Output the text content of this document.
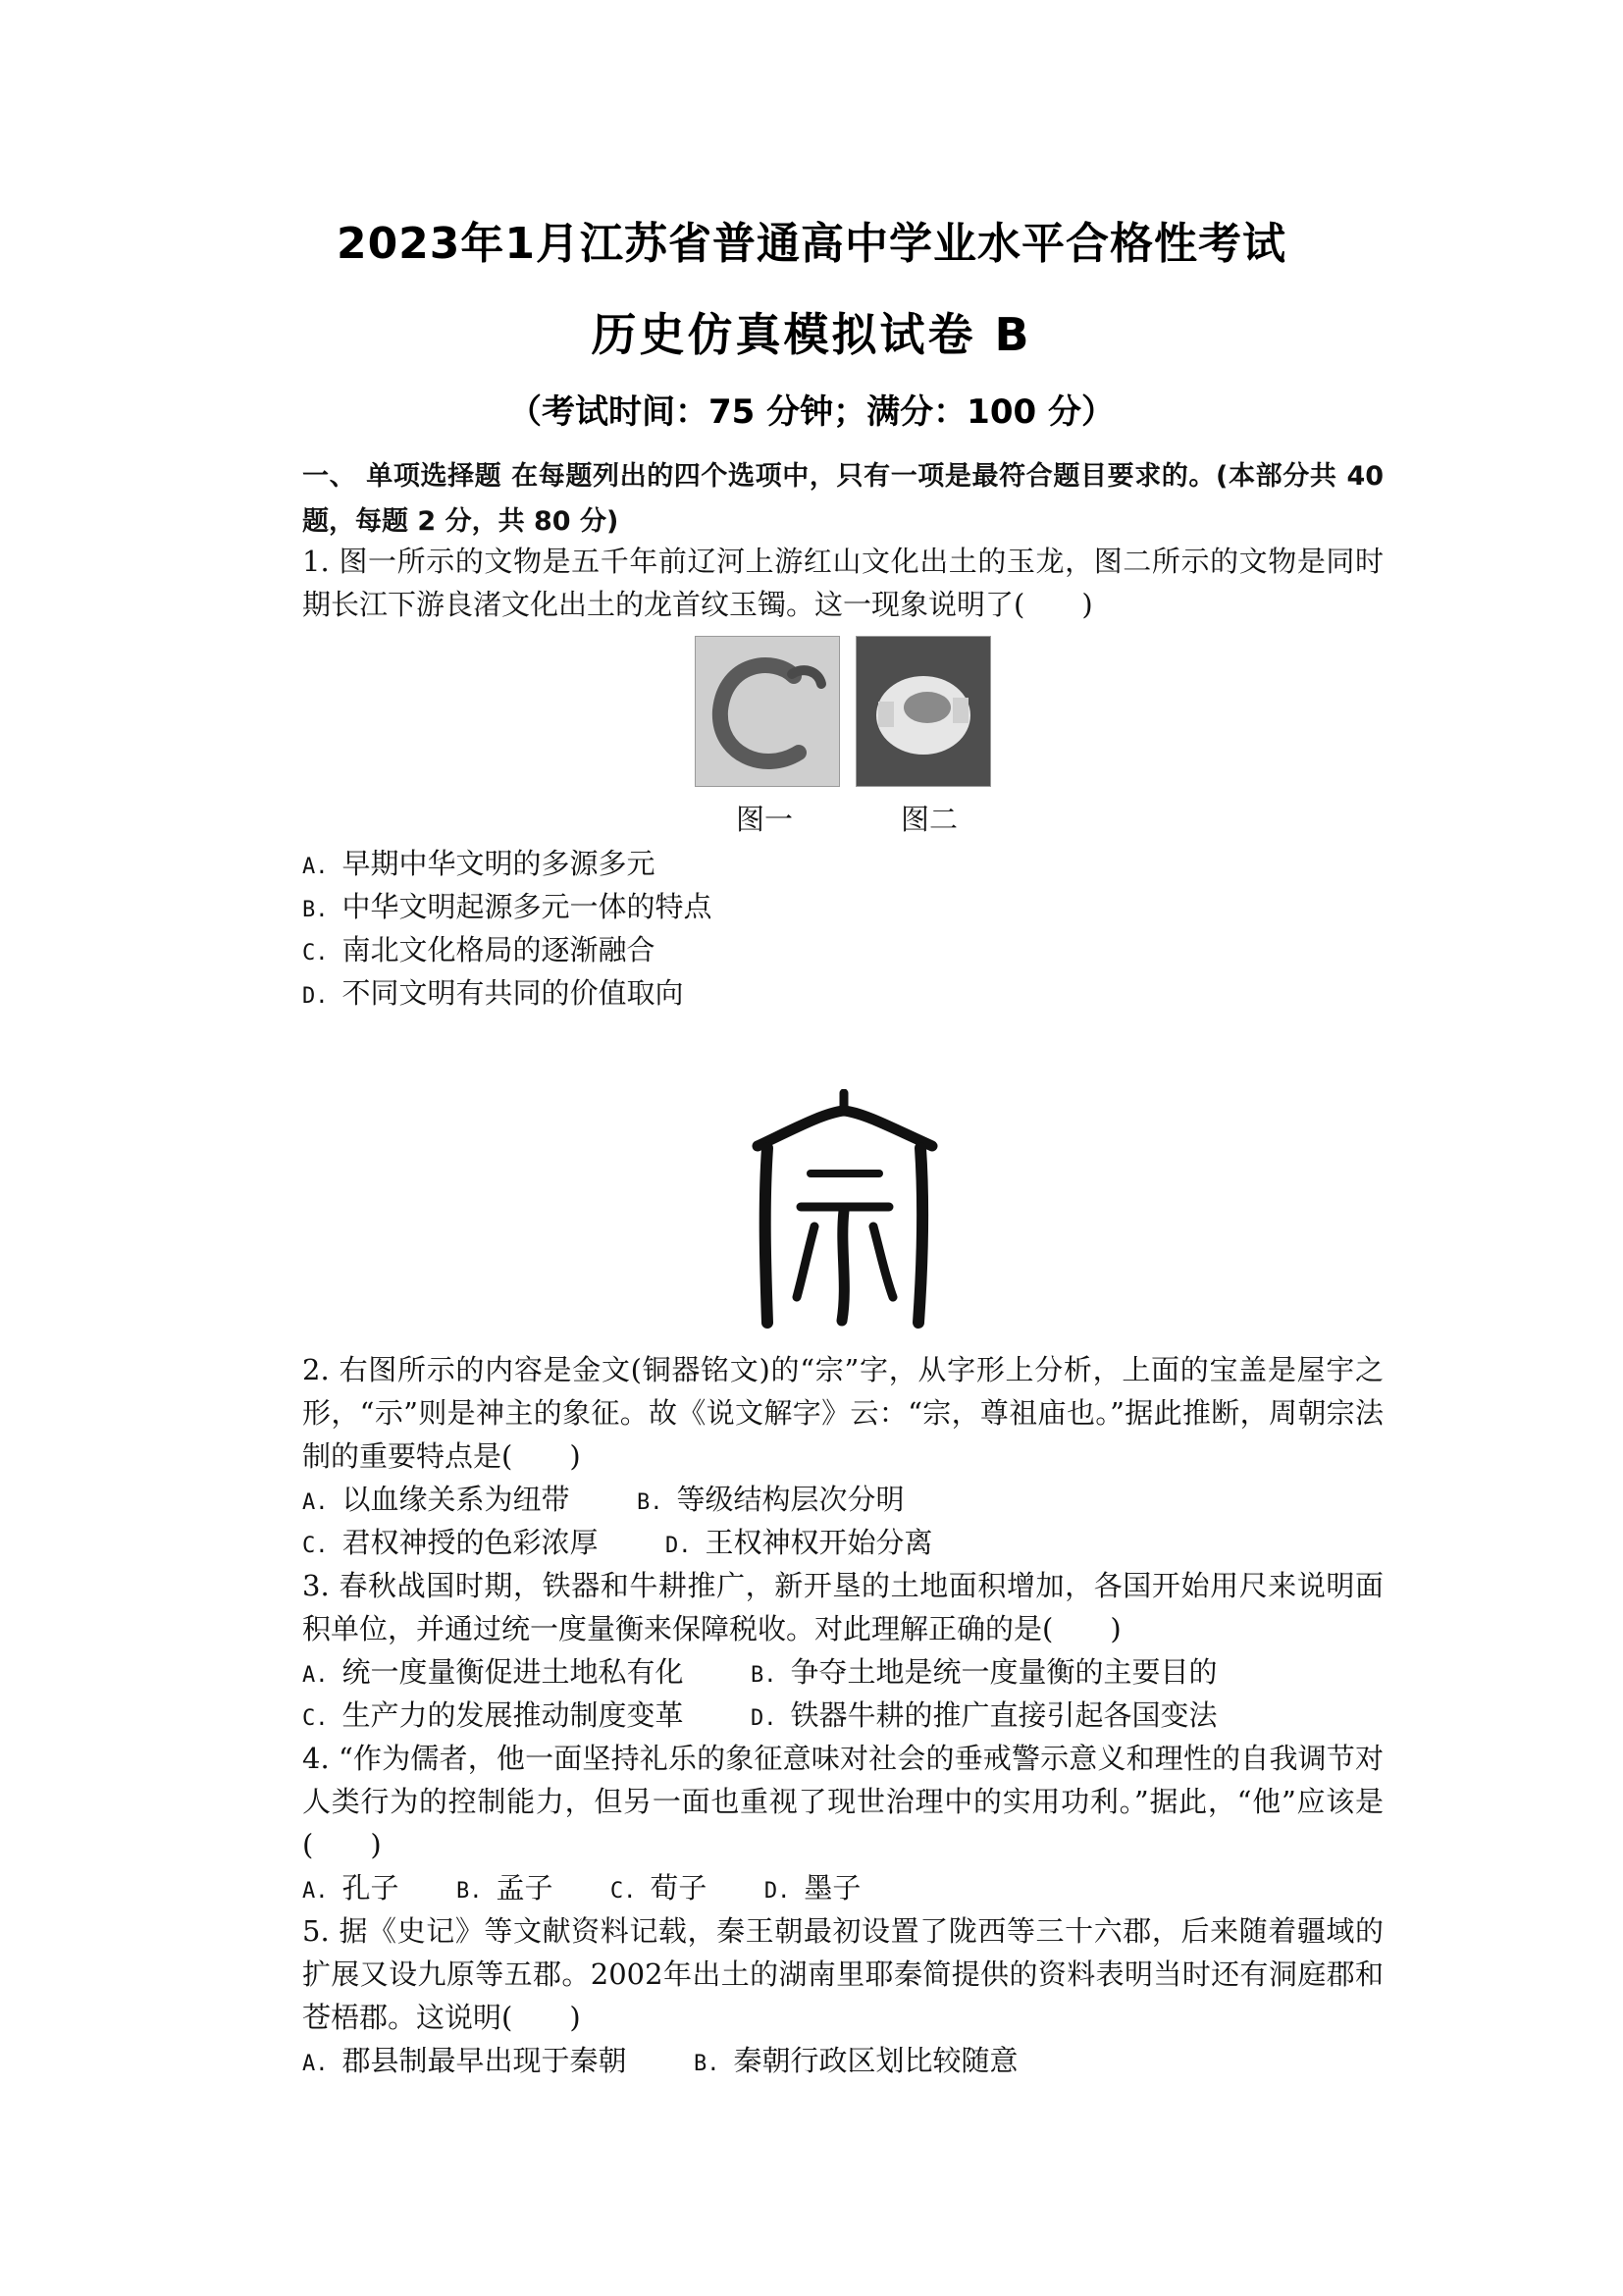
2023年1月江苏省普通高中学业水平合格性考试
历史仿真模拟试卷 B
（考试时间：75 分钟；满分：100 分）
一、 单项选择题 在每题列出的四个选项中，只有一项是最符合题目要求的。(本部分共 40 题，每题 2 分，共 80 分)
1. 图一所示的文物是五千年前辽河上游红山文化出土的玉龙，图二所示的文物是同时期长江下游良渚文化出土的龙首纹玉镯。这一现象说明了(　　)
图一	图二
A. 早期中华文明的多源多元
B. 中华文明起源多元一体的特点
C. 南北文化格局的逐渐融合
D. 不同文明有共同的价值取向
2. 右图所示的内容是金文(铜器铭文)的“宗”字，从字形上分析，上面的宝盖是屋宇之形，“示”则是神主的象征。故《说文解字》云：“宗，尊祖庙也。”据此推断，周朝宗法制的重要特点是(　　)
A. 以血缘关系为纽带	B. 等级结构层次分明
C. 君权神授的色彩浓厚	D. 王权神权开始分离
3. 春秋战国时期，铁器和牛耕推广，新开垦的土地面积增加，各国开始用尺来说明面积单位，并通过统一度量衡来保障税收。对此理解正确的是(　　)
A. 统一度量衡促进土地私有化	B. 争夺土地是统一度量衡的主要目的
C. 生产力的发展推动制度变革	D. 铁器牛耕的推广直接引起各国变法
4. “作为儒者，他一面坚持礼乐的象征意味对社会的垂戒警示意义和理性的自我调节对人类行为的控制能力，但另一面也重视了现世治理中的实用功利。”据此，“他”应该是(　　)
A. 孔子	B. 孟子	C. 荀子	D. 墨子
5. 据《史记》等文献资料记载，秦王朝最初设置了陇西等三十六郡，后来随着疆域的扩展又设九原等五郡。2002年出土的湖南里耶秦简提供的资料表明当时还有洞庭郡和苍梧郡。这说明(　　)
A. 郡县制最早出现于秦朝	B. 秦朝行政区划比较随意
